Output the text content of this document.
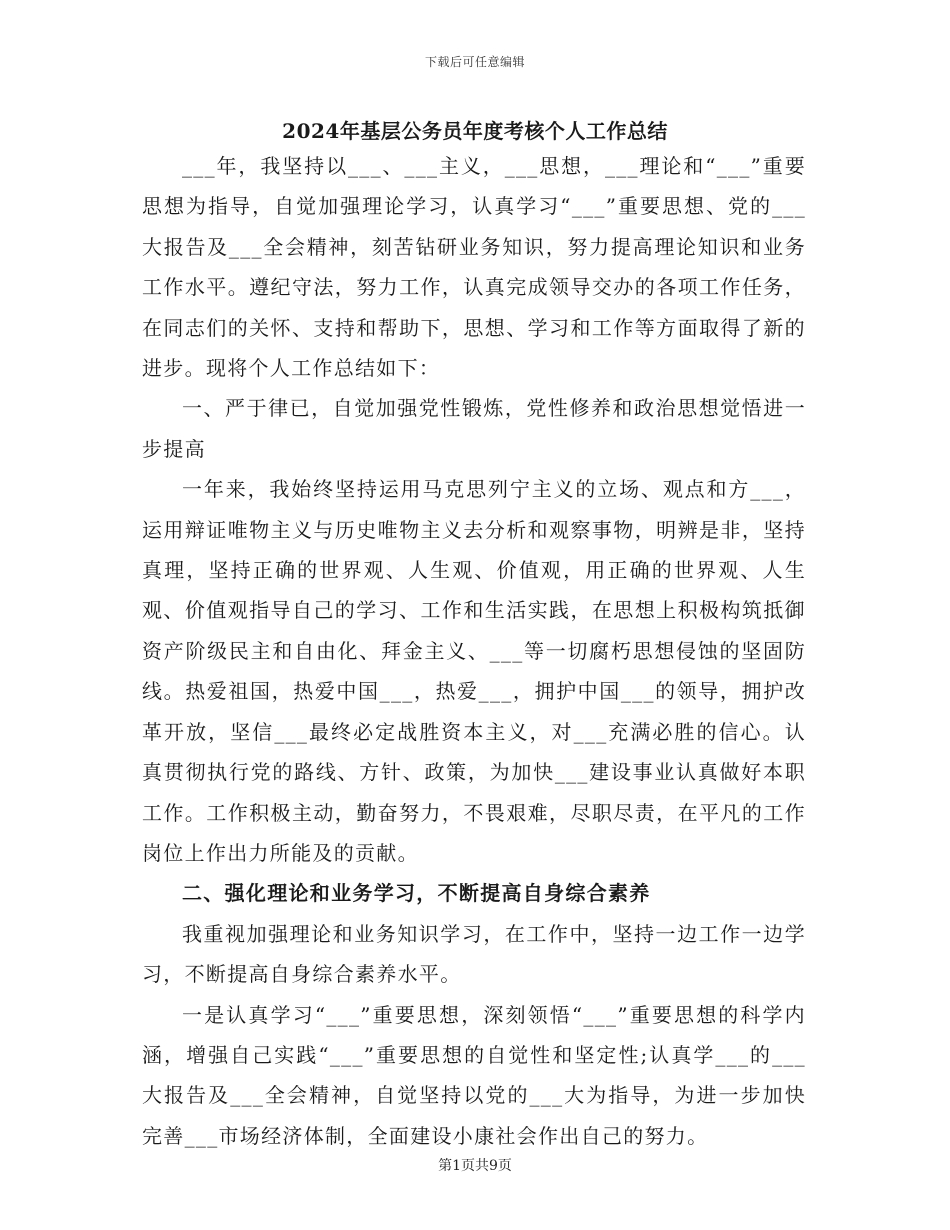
下载后可任意编辑
2024年基层公务员年度考核个人工作总结

___年，我坚持以___、___主义，___思想，___理论和“___”重要思想为指导，自觉加强理论学习，认真学习“___”重要思想、党的___大报告及___全会精神，刻苦钻研业务知识，努力提高理论知识和业务工作水平。遵纪守法，努力工作，认真完成领导交办的各项工作任务，在同志们的关怀、支持和帮助下，思想、学习和工作等方面取得了新的进步。现将个人工作总结如下：

一、严于律已，自觉加强党性锻炼，党性修养和政治思想觉悟进一步提高

一年来，我始终坚持运用马克思列宁主义的立场、观点和方___，运用辩证唯物主义与历史唯物主义去分析和观察事物，明辨是非，坚持真理，坚持正确的世界观、人生观、价值观，用正确的世界观、人生观、价值观指导自己的学习、工作和生活实践，在思想上积极构筑抵御资产阶级民主和自由化、拜金主义、___等一切腐朽思想侵蚀的坚固防线。热爱祖国，热爱中国___，热爱___，拥护中国___的领导，拥护改革开放，坚信___最终必定战胜资本主义，对___充满必胜的信心。认真贯彻执行党的路线、方针、政策，为加快___建设事业认真做好本职工作。工作积极主动，勤奋努力，不畏艰难，尽职尽责，在平凡的工作岗位上作出力所能及的贡献。

二、强化理论和业务学习，不断提高自身综合素养

我重视加强理论和业务知识学习，在工作中，坚持一边工作一边学习，不断提高自身综合素养水平。

一是认真学习“___”重要思想，深刻领悟“___”重要思想的科学内涵，增强自己实践“___”重要思想的自觉性和坚定性;认真学___的___大报告及___全会精神，自觉坚持以党的___大为指导，为进一步加快完善___市场经济体制，全面建设小康社会作出自己的努力。

第1页共9页
